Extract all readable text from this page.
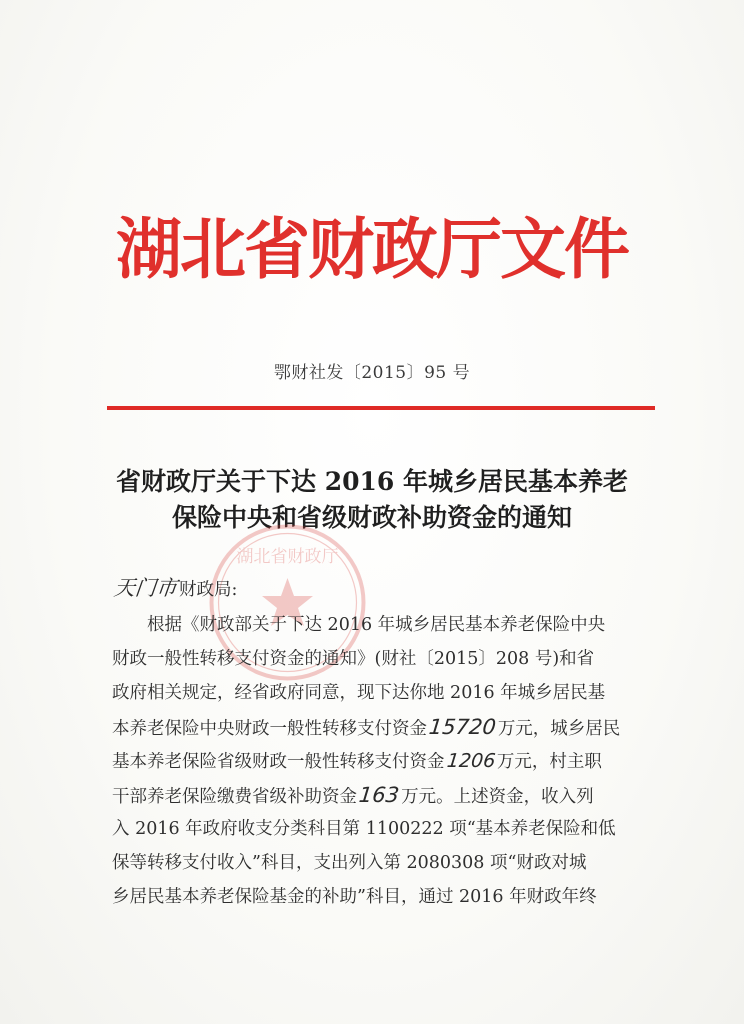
湖北省财政厅文件
鄂财社发〔2015〕95 号
省财政厅关于下达 2016 年城乡居民基本养老
保险中央和省级财政补助资金的通知
湖北省财政厅
天门市 财政局:
根据《财政部关于下达 2016 年城乡居民基本养老保险中央
财政一般性转移支付资金的通知》(财社〔2015〕208 号)和省
政府相关规定，经省政府同意，现下达你地 2016 年城乡居民基
本养老保险中央财政一般性转移支付资金 15720 万元，城乡居民
基本养老保险省级财政一般性转移支付资金 1206 万元，村主职
干部养老保险缴费省级补助资金 163 万元。上述资金，收入列
入 2016 年政府收支分类科目第 1100222 项“基本养老保险和低
保等转移支付收入”科目，支出列入第 2080308 项“财政对城
乡居民基本养老保险基金的补助”科目，通过 2016 年财政年终
